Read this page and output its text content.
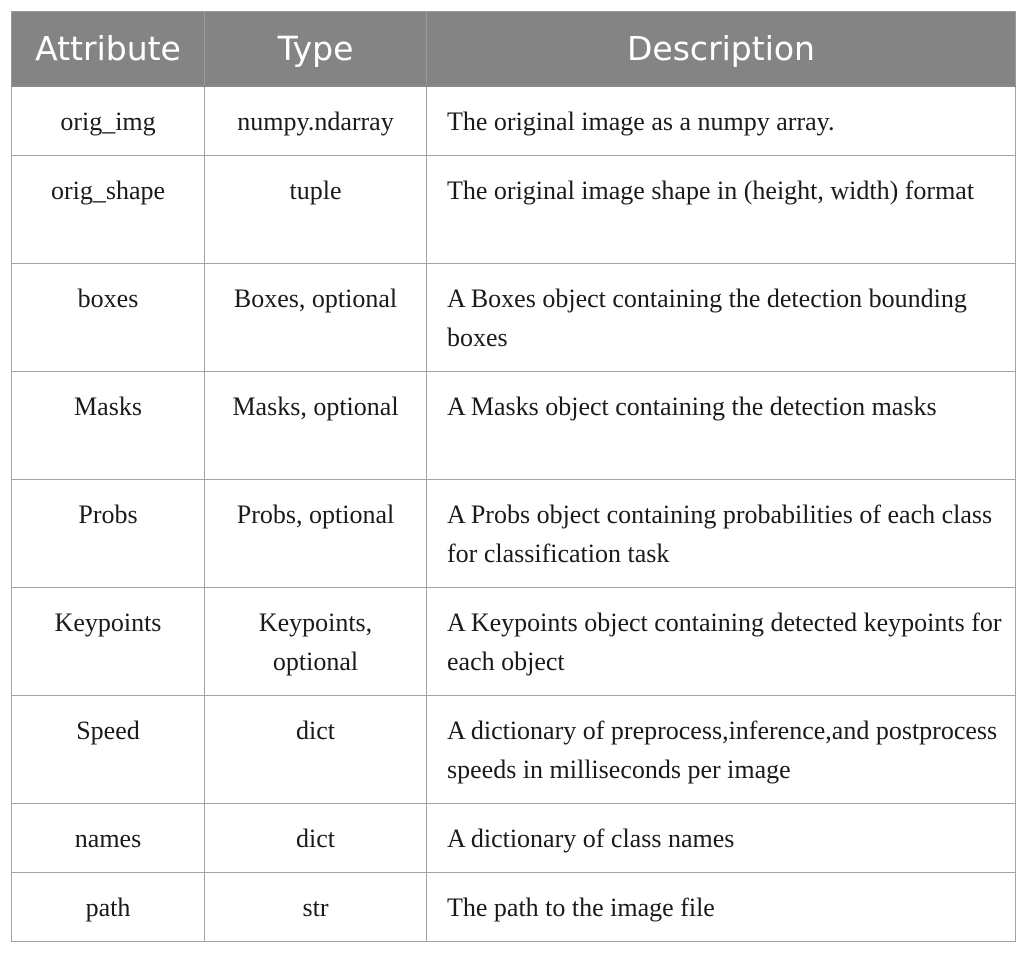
Attribute	Type	Description
orig_img	numpy.ndarray	The original image as a numpy array.
orig_shape	tuple	The original image shape in (height, width) format
boxes	Boxes, optional	A Boxes object containing the detection bounding boxes
Masks	Masks, optional	A Masks object containing the detection masks
Probs	Probs, optional	A Probs object containing probabilities of each class for classification task
Keypoints	Keypoints, optional	A Keypoints object containing detected keypoints for each object
Speed	dict	A dictionary of preprocess,inference,and postprocess speeds in milliseconds per image
names	dict	A dictionary of class names
path	str	The path to the image file
